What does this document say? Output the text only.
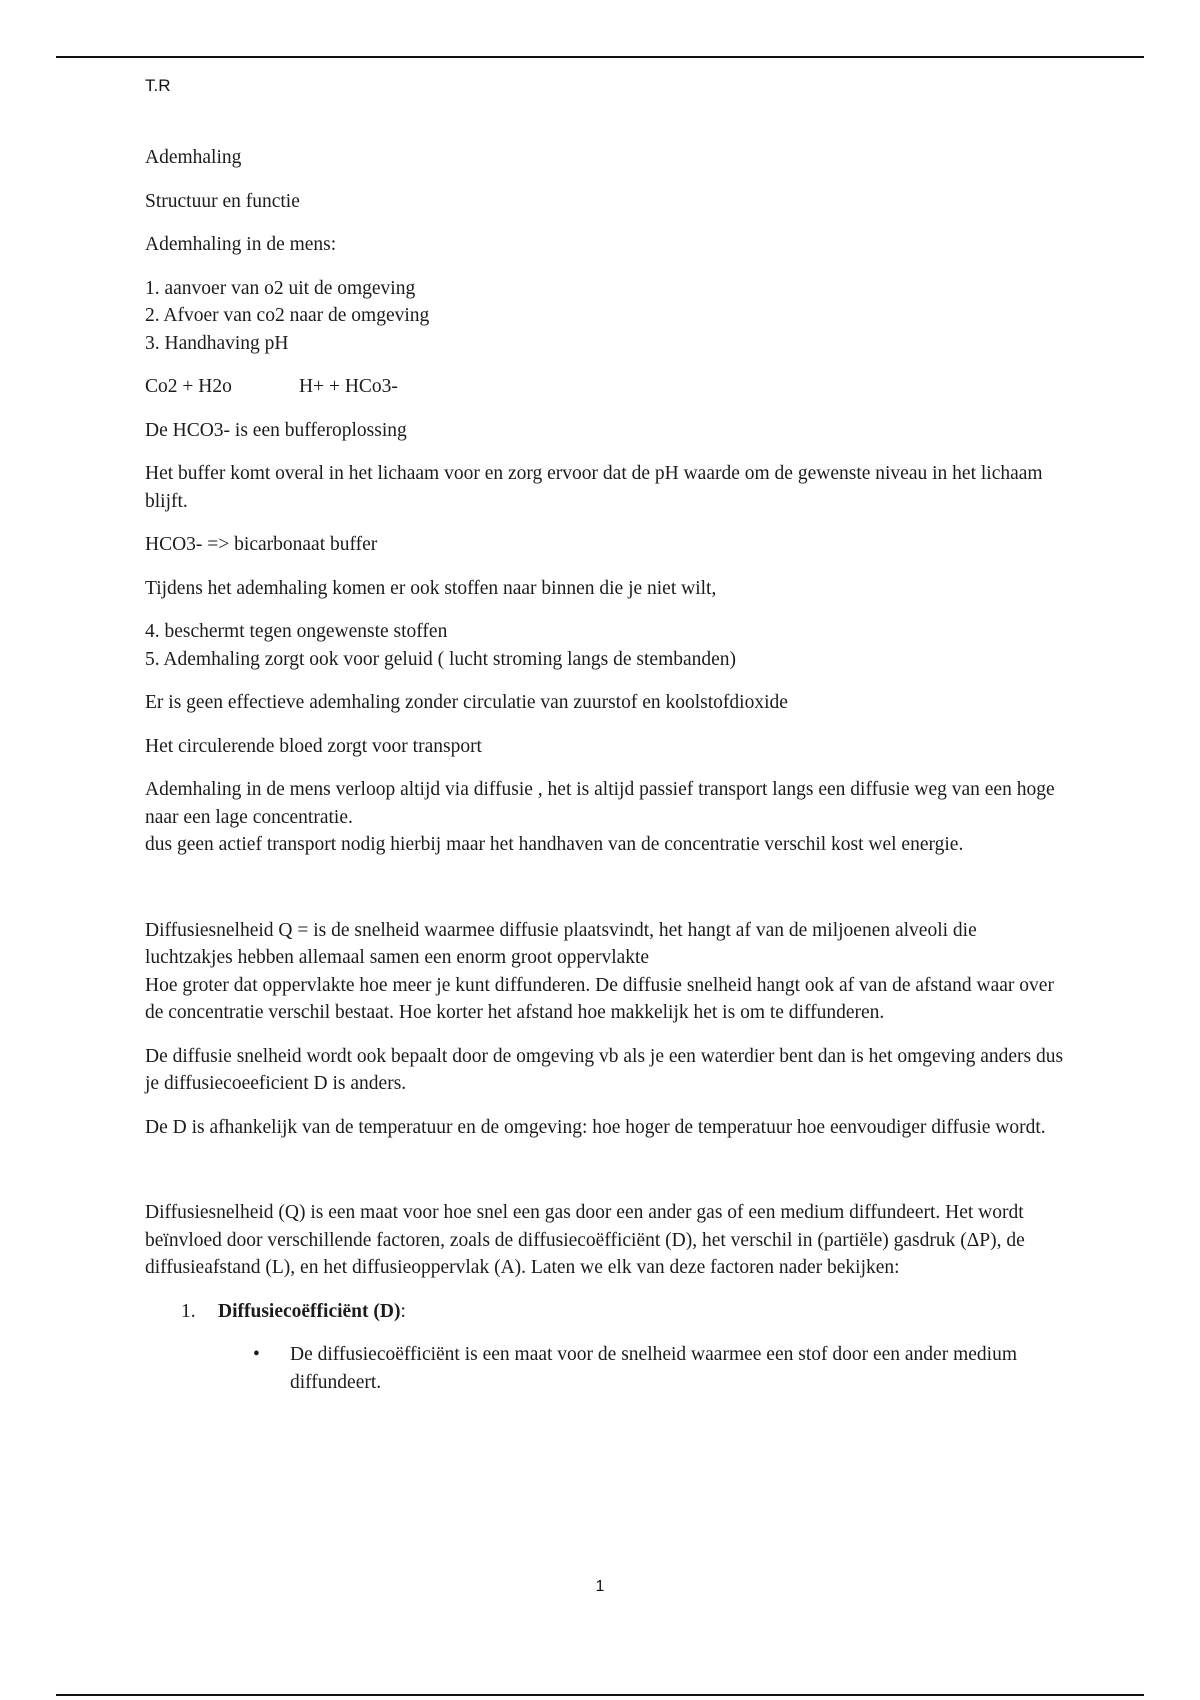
T.R

Ademhaling

Structuur en functie

Ademhaling in de mens:

1. aanvoer van o2 uit de omgeving
2. Afvoer van co2 naar de omgeving
3. Handhaving pH

Co2 + H2o	H+ + HCo3-

De HCO3- is een bufferoplossing

Het buffer komt overal in het lichaam voor en zorg ervoor dat de pH waarde om de gewenste niveau in het lichaam blijft.

HCO3- => bicarbonaat buffer

Tijdens het ademhaling komen er ook stoffen naar binnen die je niet wilt,

4. beschermt tegen ongewenste stoffen
5. Ademhaling zorgt ook voor geluid ( lucht stroming langs de stembanden)

Er is geen effectieve ademhaling zonder circulatie van zuurstof en koolstofdioxide

Het circulerende bloed zorgt voor transport

Ademhaling in de mens verloop altijd via diffusie , het is altijd passief transport langs een diffusie weg van een hoge naar een lage concentratie.
dus geen actief transport nodig hierbij maar het handhaven van de concentratie verschil kost wel energie.

Diffusiesnelheid Q = is de snelheid waarmee diffusie plaatsvindt, het hangt af van de miljoenen alveoli die luchtzakjes hebben allemaal samen een enorm groot oppervlakte
Hoe groter dat oppervlakte hoe meer je kunt diffunderen. De diffusie snelheid hangt ook af van de afstand waar over de concentratie verschil bestaat. Hoe korter het afstand hoe makkelijk het is om te diffunderen.

De diffusie snelheid wordt ook bepaalt door de omgeving vb als je een waterdier bent dan is het omgeving anders dus je diffusiecoeeficient D is anders.

De D is afhankelijk van de temperatuur en de omgeving: hoe hoger de temperatuur hoe eenvoudiger diffusie wordt.

Diffusiesnelheid (Q) is een maat voor hoe snel een gas door een ander gas of een medium diffundeert. Het wordt beïnvloed door verschillende factoren, zoals de diffusiecoëfficiënt (D), het verschil in (partiële) gasdruk (ΔP), de diffusieafstand (L), en het diffusieoppervlak (A). Laten we elk van deze factoren nader bekijken:

1. Diffusiecoëfficiënt (D):
• De diffusiecoëfficiënt is een maat voor de snelheid waarmee een stof door een ander medium diffundeert.
1
